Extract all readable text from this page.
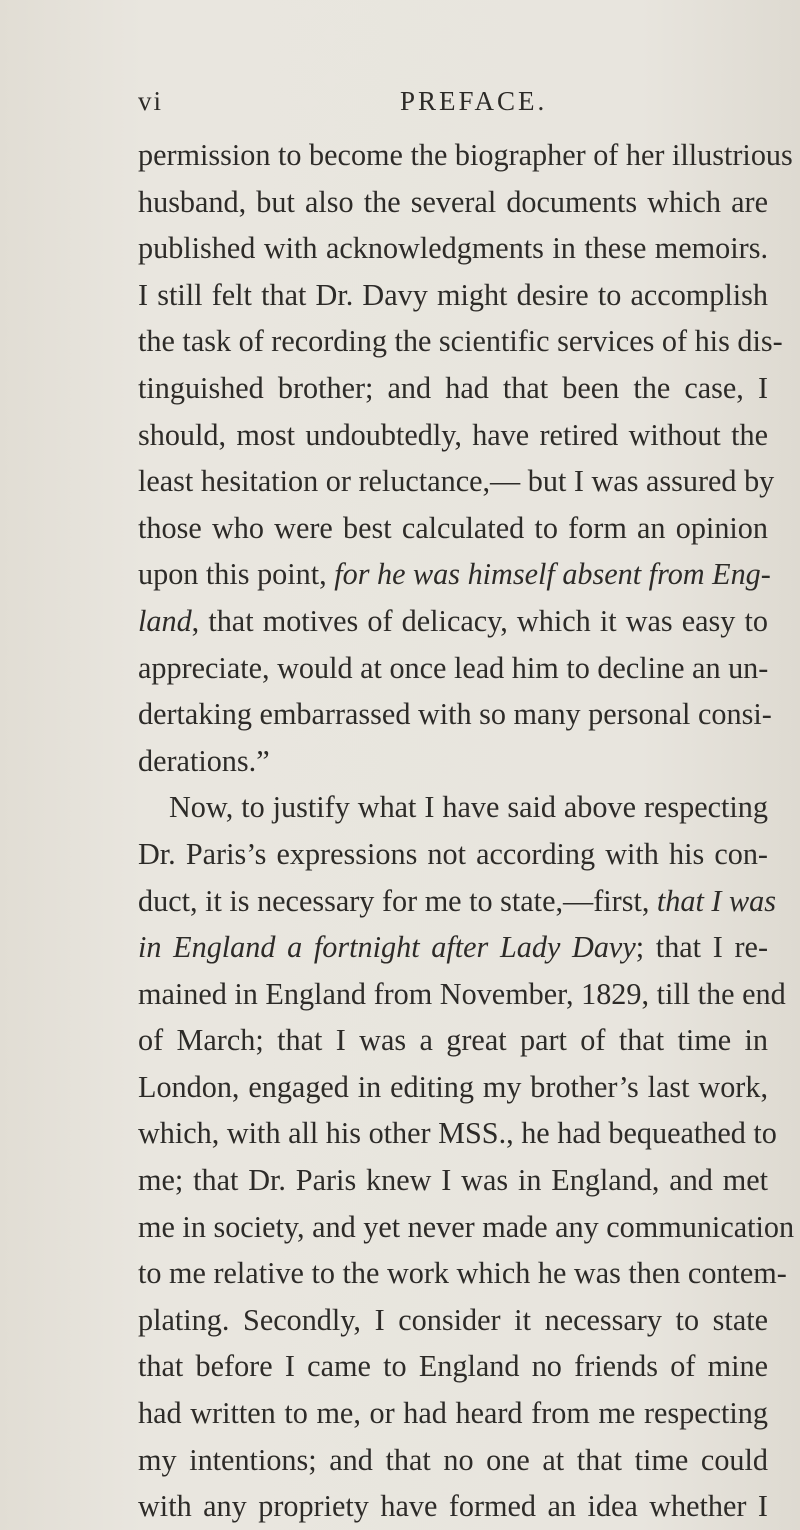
vi	PREFACE.
permission to become the biographer of her illustrious
husband, but also the several documents which are
published with acknowledgments in these memoirs.
I still felt that Dr. Davy might desire to accomplish
the task of recording the scientific services of his dis-
tinguished brother; and had that been the case, I
should, most undoubtedly, have retired without the
least hesitation or reluctance,— but I was assured by
those who were best calculated to form an opinion
upon this point, for he was himself absent from Eng-
land, that motives of delicacy, which it was easy to
appreciate, would at once lead him to decline an un-
dertaking embarrassed with so many personal consi-
derations.”
Now, to justify what I have said above respecting
Dr. Paris’s expressions not according with his con-
duct, it is necessary for me to state,—first, that I was
in England a fortnight after Lady Davy; that I re-
mained in England from November, 1829, till the end
of March; that I was a great part of that time in
London, engaged in editing my brother’s last work,
which, with all his other MSS., he had bequeathed to
me; that Dr. Paris knew I was in England, and met
me in society, and yet never made any communication
to me relative to the work which he was then contem-
plating. Secondly, I consider it necessary to state
that before I came to England no friends of mine
had written to me, or had heard from me respecting
my intentions; and that no one at that time could
with any propriety have formed an idea whether I
